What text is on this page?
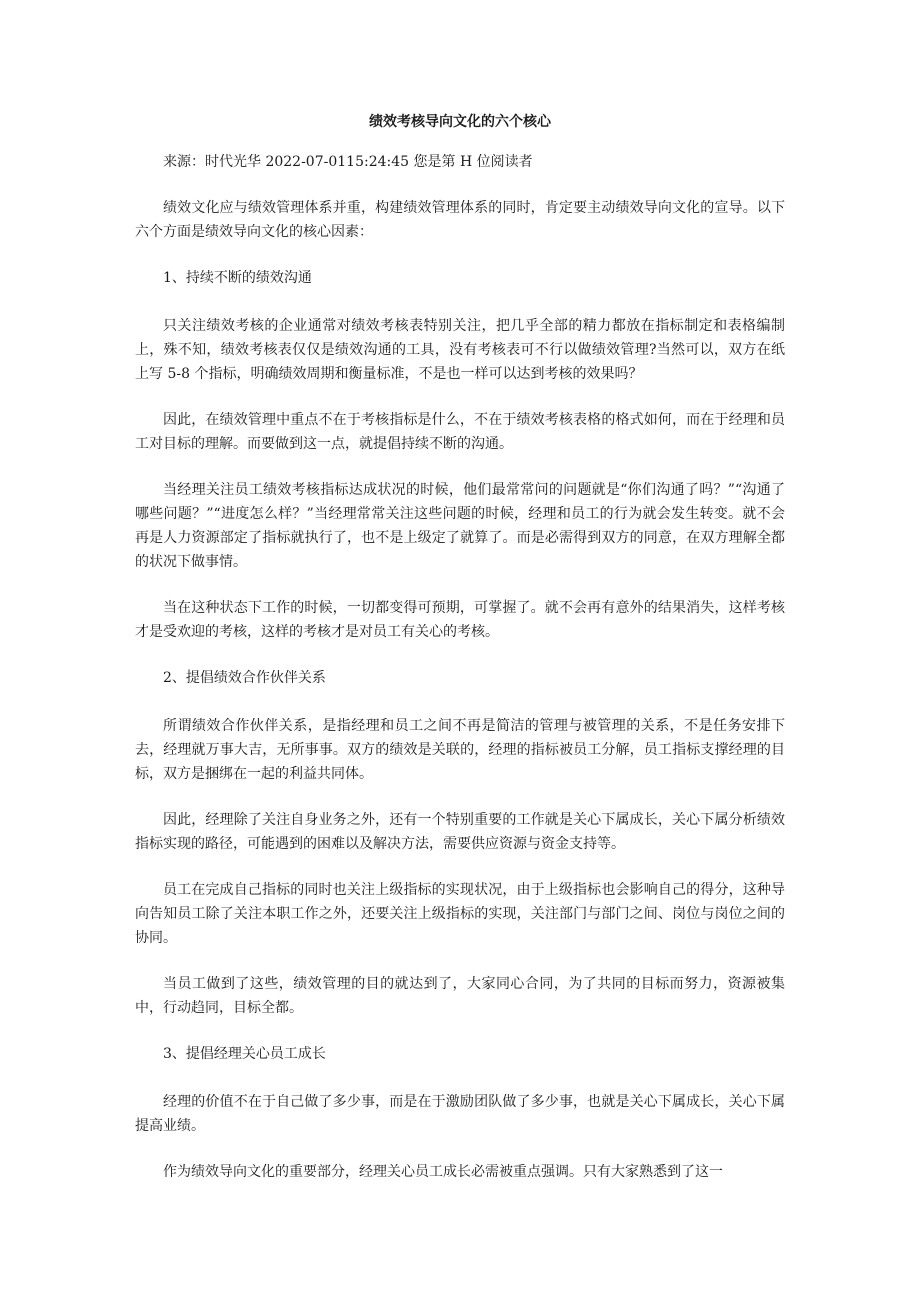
绩效考核导向文化的六个核心

来源：时代光华 2022-07-0115:24:45 您是第 H 位阅读者

绩效文化应与绩效管理体系并重，构建绩效管理体系的同时，肯定要主动绩效导向文化的宣导。以下六个方面是绩效导向文化的核心因素：

1、持续不断的绩效沟通

只关注绩效考核的企业通常对绩效考核表特别关注，把几乎全部的精力都放在指标制定和表格编制上，殊不知，绩效考核表仅仅是绩效沟通的工具，没有考核表可不行以做绩效管理?当然可以，双方在纸上写 5-8 个指标，明确绩效周期和衡量标准，不是也一样可以达到考核的效果吗？

因此，在绩效管理中重点不在于考核指标是什么，不在于绩效考核表格的格式如何，而在于经理和员工对目标的理解。而要做到这一点，就提倡持续不断的沟通。

当经理关注员工绩效考核指标达成状况的时候，他们最常常问的问题就是“你们沟通了吗？”“沟通了哪些问题？”“进度怎么样？”当经理常常关注这些问题的时候，经理和员工的行为就会发生转变。就不会再是人力资源部定了指标就执行了，也不是上级定了就算了。而是必需得到双方的同意，在双方理解全都的状况下做事情。

当在这种状态下工作的时候，一切都变得可预期，可掌握了。就不会再有意外的结果消失，这样考核才是受欢迎的考核，这样的考核才是对员工有关心的考核。

2、提倡绩效合作伙伴关系

所谓绩效合作伙伴关系，是指经理和员工之间不再是简洁的管理与被管理的关系，不是任务安排下去，经理就万事大吉，无所事事。双方的绩效是关联的，经理的指标被员工分解，员工指标支撑经理的目标，双方是捆绑在一起的利益共同体。

因此，经理除了关注自身业务之外，还有一个特别重要的工作就是关心下属成长，关心下属分析绩效指标实现的路径，可能遇到的困难以及解决方法，需要供应资源与资金支持等。

员工在完成自己指标的同时也关注上级指标的实现状况，由于上级指标也会影响自己的得分，这种导向告知员工除了关注本职工作之外，还要关注上级指标的实现，关注部门与部门之间、岗位与岗位之间的协同。

当员工做到了这些，绩效管理的目的就达到了，大家同心合同，为了共同的目标而努力，资源被集中，行动趋同，目标全都。

3、提倡经理关心员工成长

经理的价值不在于自己做了多少事，而是在于激励团队做了多少事，也就是关心下属成长，关心下属提高业绩。

作为绩效导向文化的重要部分，经理关心员工成长必需被重点强调。只有大家熟悉到了这一
